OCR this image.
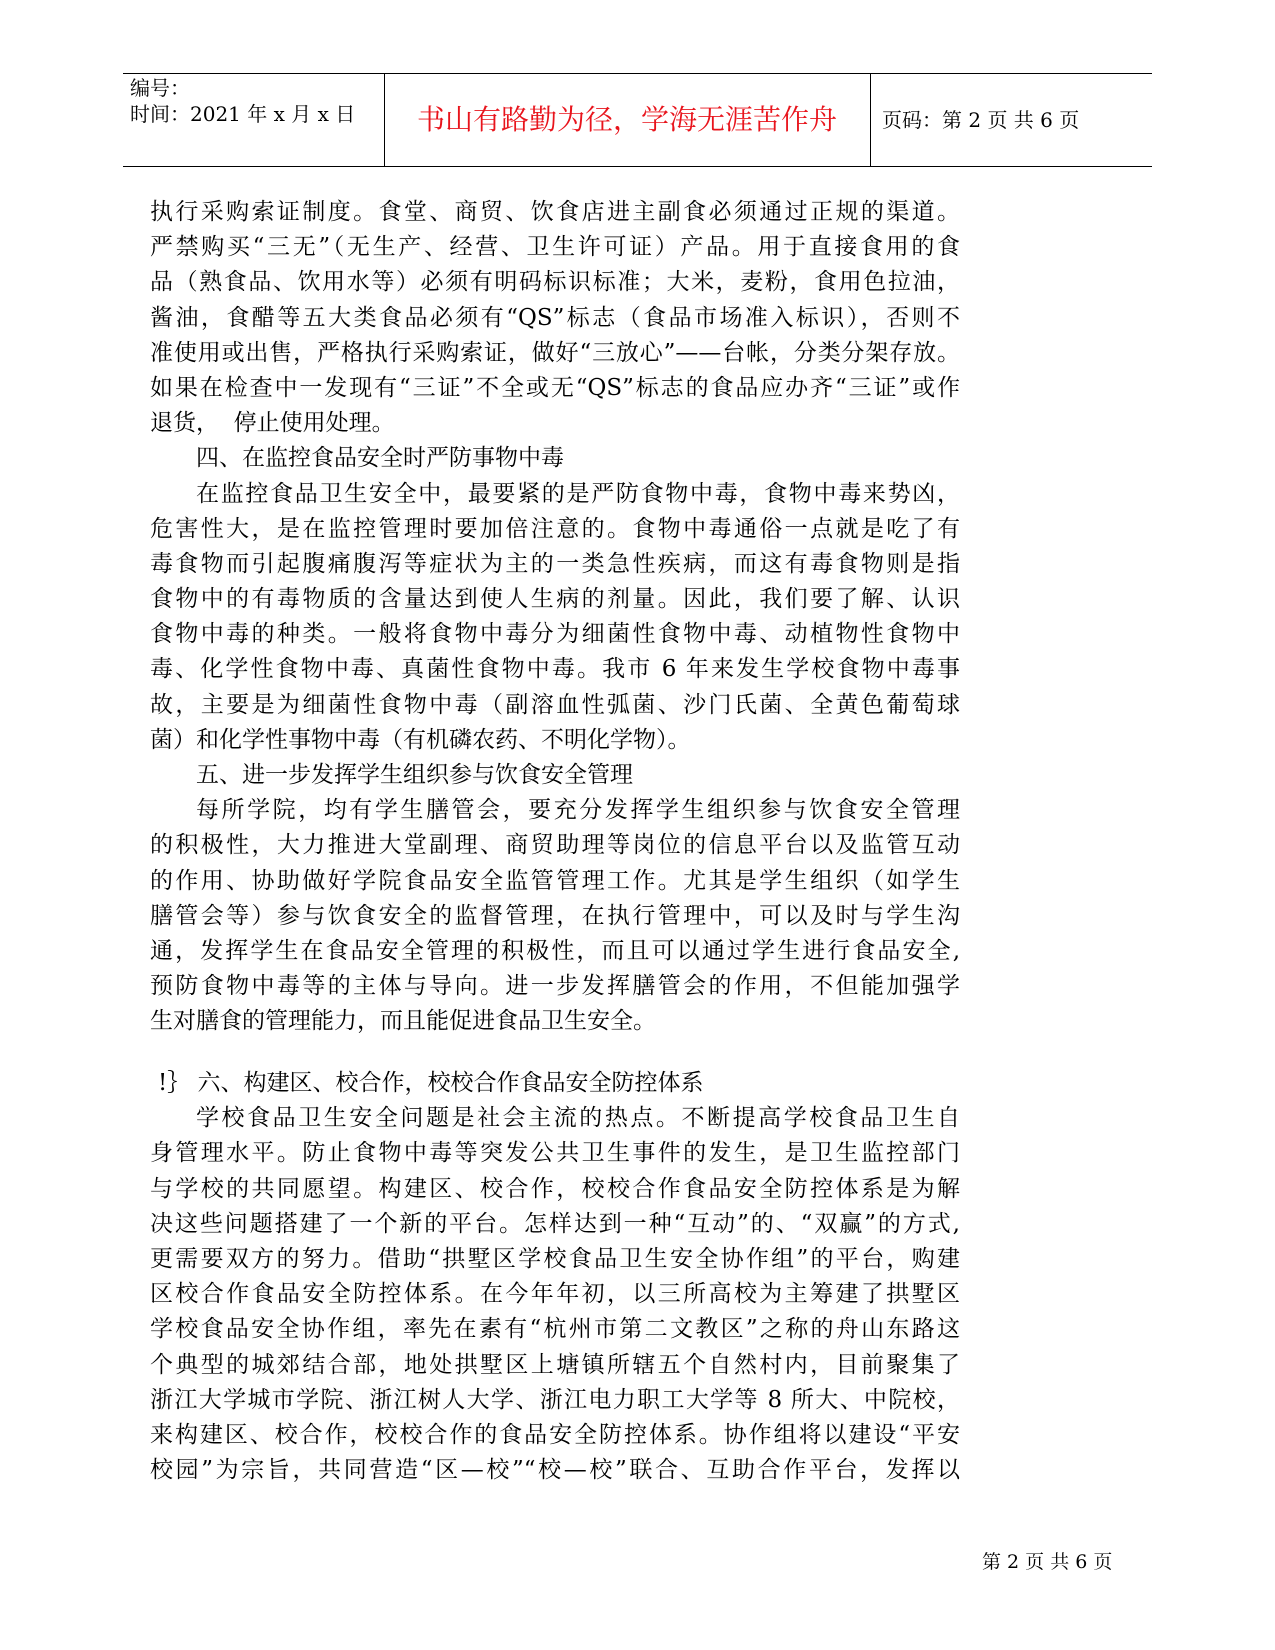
编号：
时间：2021 年 x 月 x 日	书山有路勤为径，学海无涯苦作舟	页码：第 2 页 共 6 页
执行采购索证制度。食堂、商贸、饮食店进主副食必须通过正规的渠道。
严禁购买“三无”（无生产、经营、卫生许可证）产品。用于直接食用的食
品（熟食品、饮用水等）必须有明码标识标准；大米，麦粉，食用色拉油，
酱油，食醋等五大类食品必须有“QS”标志（食品市场准入标识），否则不
准使用或出售，严格执行采购索证，做好“三放心”——台帐，分类分架存放。
如果在检查中一发现有“三证”不全或无“QS”标志的食品应办齐“三证”或作
退货，  停止使用处理。
四、在监控食品安全时严防事物中毒
在监控食品卫生安全中，最要紧的是严防食物中毒，食物中毒来势凶，
危害性大，是在监控管理时要加倍注意的。食物中毒通俗一点就是吃了有
毒食物而引起腹痛腹泻等症状为主的一类急性疾病，而这有毒食物则是指
食物中的有毒物质的含量达到使人生病的剂量。因此，我们要了解、认识
食物中毒的种类。一般将食物中毒分为细菌性食物中毒、动植物性食物中
毒、化学性食物中毒、真菌性食物中毒。我市 6 年来发生学校食物中毒事
故，主要是为细菌性食物中毒（副溶血性弧菌、沙门氏菌、全黄色葡萄球
菌）和化学性事物中毒（有机磷农药、不明化学物）。
五、进一步发挥学生组织参与饮食安全管理
每所学院，均有学生膳管会，要充分发挥学生组织参与饮食安全管理
的积极性，大力推进大堂副理、商贸助理等岗位的信息平台以及监管互动
的作用、协助做好学院食品安全监管管理工作。尤其是学生组织（如学生
膳管会等）参与饮食安全的监督管理，在执行管理中，可以及时与学生沟
通，发挥学生在食品安全管理的积极性，而且可以通过学生进行食品安全,
预防食物中毒等的主体与导向。进一步发挥膳管会的作用，不但能加强学
生对膳食的管理能力，而且能促进食品卫生安全。
!｝ 六、构建区、校合作，校校合作食品安全防控体系
学校食品卫生安全问题是社会主流的热点。不断提高学校食品卫生自
身管理水平。防止食物中毒等突发公共卫生事件的发生，是卫生监控部门
与学校的共同愿望。构建区、校合作，校校合作食品安全防控体系是为解
决这些问题搭建了一个新的平台。怎样达到一种“互动”的、“双赢”的方式,
更需要双方的努力。借助“拱墅区学校食品卫生安全协作组”的平台，购建
区校合作食品安全防控体系。在今年年初，以三所高校为主筹建了拱墅区
学校食品安全协作组，率先在素有“杭州市第二文教区”之称的舟山东路这
个典型的城郊结合部，地处拱墅区上塘镇所辖五个自然村内，目前聚集了
浙江大学城市学院、浙江树人大学、浙江电力职工大学等 8 所大、中院校，
来构建区、校合作，校校合作的食品安全防控体系。协作组将以建设“平安
校园”为宗旨，共同营造“区—校”“校—校”联合、互助合作平台，发挥以
第 2 页 共 6 页
